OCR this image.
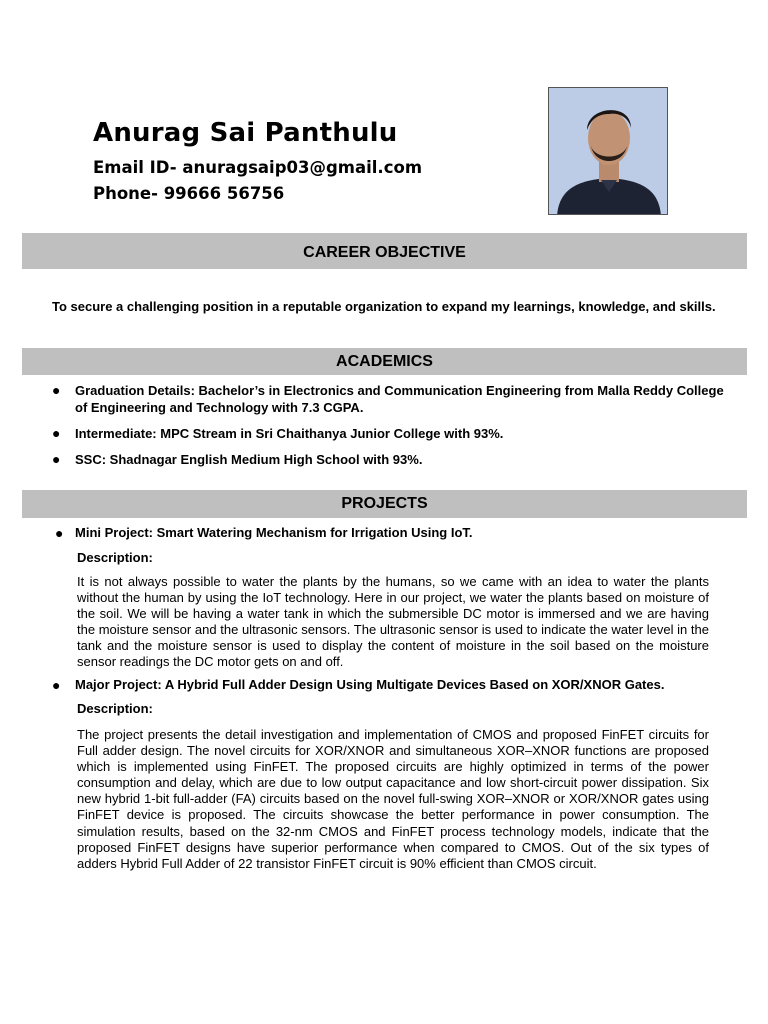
Anurag Sai Panthulu
Email ID- anuragsaip03@gmail.com
Phone- 99666 56756
CAREER OBJECTIVE

To secure a challenging position in a reputable organization to expand my learnings, knowledge, and skills.

ACADEMICS
● Graduation Details: Bachelor’s in Electronics and Communication Engineering from Malla Reddy College of Engineering and Technology with 7.3 CGPA.
● Intermediate: MPC Stream in Sri Chaithanya Junior College with 93%.
● SSC: Shadnagar English Medium High School with 93%.
PROJECTS
● Mini Project: Smart Watering Mechanism for Irrigation Using IoT.
Description:

It is not always possible to water the plants by the humans, so we came with an idea to water the plants without the human by using the IoT technology. Here in our project, we water the plants based on moisture of the soil. We will be having a water tank in which the submersible DC motor is immersed and we are having the moisture sensor and the ultrasonic sensors. The ultrasonic sensor is used to indicate the water level in the tank and the moisture sensor is used to display the content of moisture in the soil based on the moisture sensor readings the DC motor gets on and off.

●	Major Project: A Hybrid Full Adder Design Using Multigate Devices Based on XOR/XNOR Gates.
Description:

The project presents the detail investigation and implementation of CMOS and proposed FinFET circuits for Full adder design. The novel circuits for XOR/XNOR and simultaneous XOR–XNOR functions are proposed which is implemented using FinFET. The proposed circuits are highly optimized in terms of the power consumption and delay, which are due to low output capacitance and low short-circuit power dissipation. Six new hybrid 1-bit full-adder (FA) circuits based on the novel full-swing XOR–XNOR or XOR/XNOR gates using FinFET device is proposed. The circuits showcase the better performance in power consumption. The simulation results, based on the 32-nm CMOS and FinFET process technology models, indicate that the proposed FinFET designs have superior performance when compared to CMOS. Out of the six types of adders Hybrid Full Adder of 22 transistor FinFET circuit is 90% efficient than CMOS circuit.
